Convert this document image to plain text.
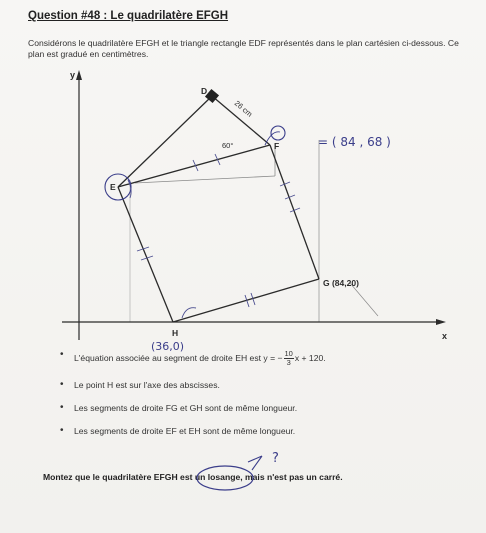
Question #48 : Le quadrilatère EFGH
Considérons le quadrilatère EFGH et le triangle rectangle EDF représentés dans le plan cartésien ci-dessous. Ce plan est gradué en centimètres.
y
x
D
E
F
G (84,20)
H
26 cm
60°	= ( 84 , 68 )
(36,0)
• L'équation associée au segment de droite EH est y = − $\frac{10}{3}$ x + 120.
• Le point H est sur l'axe des abscisses.
• Les segments de droite FG et GH sont de même longueur.
• Les segments de droite EF et EH sont de même longueur.
Montez que le quadrilatère EFGH est un losange
, mais n'est pas un carré.
?
